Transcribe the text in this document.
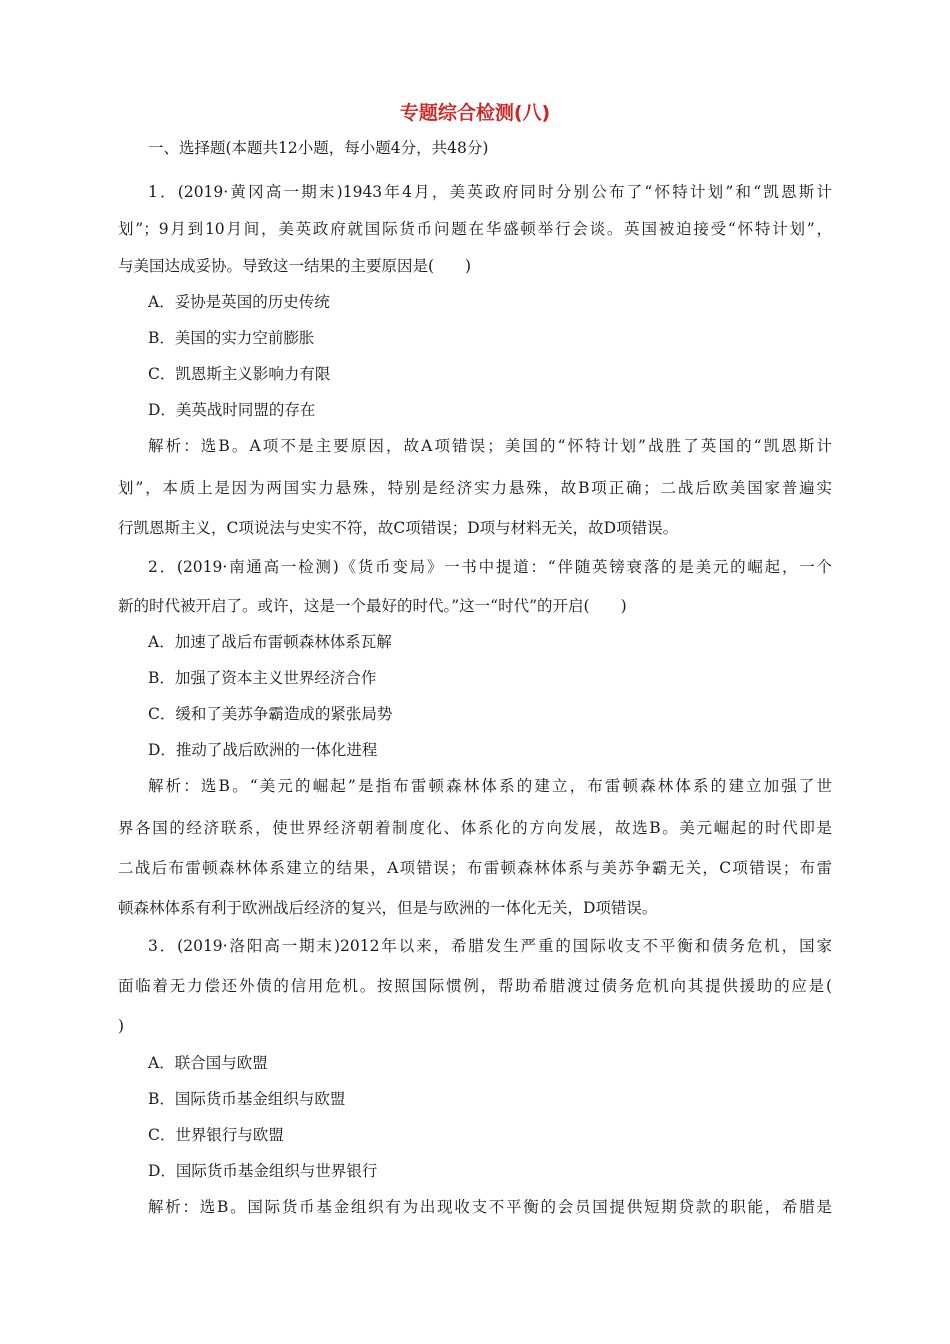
专题综合检测(八)
一、选择题(本题共12小题，每小题4分，共48分)
1．(2019·黄冈高一期末)1943年4月，美英政府同时分别公布了“怀特计划”和“凯恩斯计
划”；9月到10月间，美英政府就国际货币问题在华盛顿举行会谈。英国被迫接受“怀特计划”，
与美国达成妥协。导致这一结果的主要原因是(　　)
A．妥协是英国的历史传统
B．美国的实力空前膨胀
C．凯恩斯主义影响力有限
D．美英战时同盟的存在
解析：选B。A项不是主要原因，故A项错误；美国的“怀特计划”战胜了英国的“凯恩斯计
划”，本质上是因为两国实力悬殊，特别是经济实力悬殊，故B项正确；二战后欧美国家普遍实
行凯恩斯主义，C项说法与史实不符，故C项错误；D项与材料无关，故D项错误。
2．(2019·南通高一检测)《货币变局》一书中提道：“伴随英镑衰落的是美元的崛起，一个
新的时代被开启了。或许，这是一个最好的时代。”这一“时代”的开启(　　)
A．加速了战后布雷顿森林体系瓦解
B．加强了资本主义世界经济合作
C．缓和了美苏争霸造成的紧张局势
D．推动了战后欧洲的一体化进程
解析：选B。“美元的崛起”是指布雷顿森林体系的建立，布雷顿森林体系的建立加强了世
界各国的经济联系，使世界经济朝着制度化、体系化的方向发展，故选B。美元崛起的时代即是
二战后布雷顿森林体系建立的结果，A项错误；布雷顿森林体系与美苏争霸无关，C项错误；布雷
顿森林体系有利于欧洲战后经济的复兴，但是与欧洲的一体化无关，D项错误。
3．(2019·洛阳高一期末)2012年以来，希腊发生严重的国际收支不平衡和债务危机，国家
面临着无力偿还外债的信用危机。按照国际惯例，帮助希腊渡过债务危机向其提供援助的应是(
)
A．联合国与欧盟
B．国际货币基金组织与欧盟
C．世界银行与欧盟
D．国际货币基金组织与世界银行
解析：选B。国际货币基金组织有为出现收支不平衡的会员国提供短期贷款的职能，希腊是
